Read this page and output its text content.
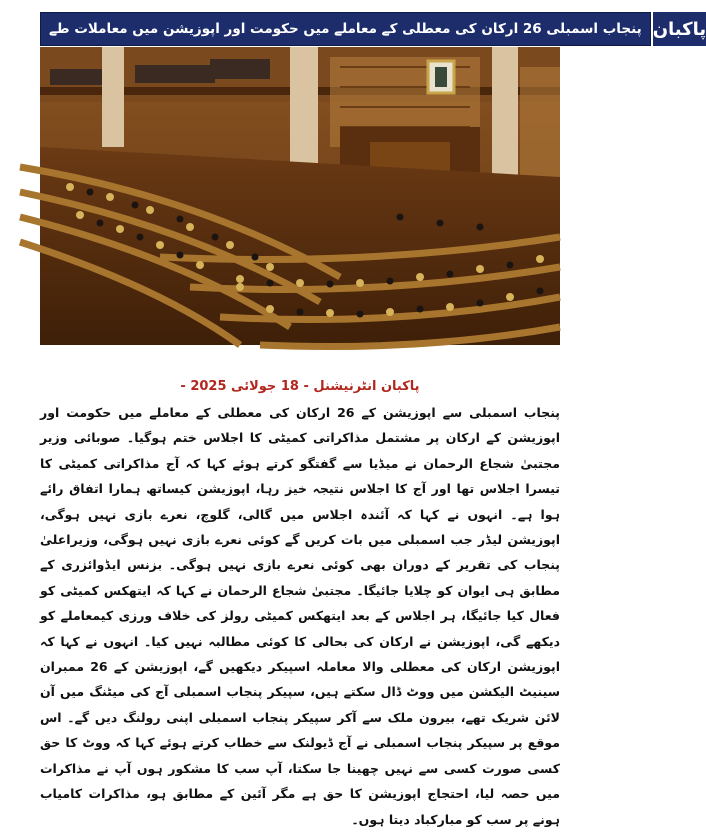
پنجاب اسمبلی 26 ارکان کی معطلی کے معاملے میں حکومت اور اپوزیشن میں معاملات طے پاکبان
پاکبان انٹرنیشنل - 18 جولائی 2025 -
پنجاب اسمبلی سے اپوزیشن کے 26 ارکان کی معطلی کے معاملے میں حکومت اور اپوزیشن کے ارکان پر مشتمل مذاکراتی کمیٹی کا اجلاس ختم ہوگیا۔ صوبائی وزیر مجتبیٰ شجاع الرحمان نے میڈیا سے گفتگو کرتے ہوئے کہا کہ آج مذاکراتی کمیٹی کا تیسرا اجلاس تھا اور آج کا اجلاس نتیجہ خیز رہا، اپوزیشن کیساتھ ہمارا اتفاق رائے ہوا ہے۔ انہوں نے کہا کہ آئندہ اجلاس میں گالی، گلوچ، نعرے بازی نہیں ہوگی، اپوزیشن لیڈر جب اسمبلی میں بات کریں گے کوئی نعرے بازی نہیں ہوگی، وزیراعلیٰ پنجاب کی تقریر کے دوران بھی کوئی نعرے بازی نہیں ہوگی۔ بزنس ایڈوائزری کے مطابق ہی ایوان کو چلایا جائیگا۔ مجتبیٰ شجاع الرحمان نے کہا کہ ایتھکس کمیٹی کو فعال کیا جائیگا، ہر اجلاس کے بعد ایتھکس کمیٹی رولز کی خلاف ورزی کیمعاملے کو دیکھے گی، اپوزیشن نے ارکان کی بحالی کا کوئی مطالبہ نہیں کیا۔ انہوں نے کہا کہ اپوزیشن ارکان کی معطلی والا معاملہ اسپیکر دیکھیں گے، اپوزیشن کے 26 ممبران سینیٹ الیکشن میں ووٹ ڈال سکتے ہیں، سپیکر پنجاب اسمبلی آج کی میٹنگ میں آن لائن شریک تھے، بیرون ملک سے آکر سپیکر پنجاب اسمبلی اپنی رولنگ دیں گے۔ اس موقع پر سپیکر پنجاب اسمبلی نے آج ڈیولنک سے خطاب کرتے ہوئے کہا کہ ووٹ کا حق کسی صورت کسی سے نہیں چھینا جا سکتا، آپ سب کا مشکور ہوں آپ نے مذاکرات میں حصہ لیا، احتجاج اپوزیشن کا حق ہے مگر آئین کے مطابق ہو، مذاکرات کامیاب ہونے پر سب کو مبارکباد دیتا ہوں۔
